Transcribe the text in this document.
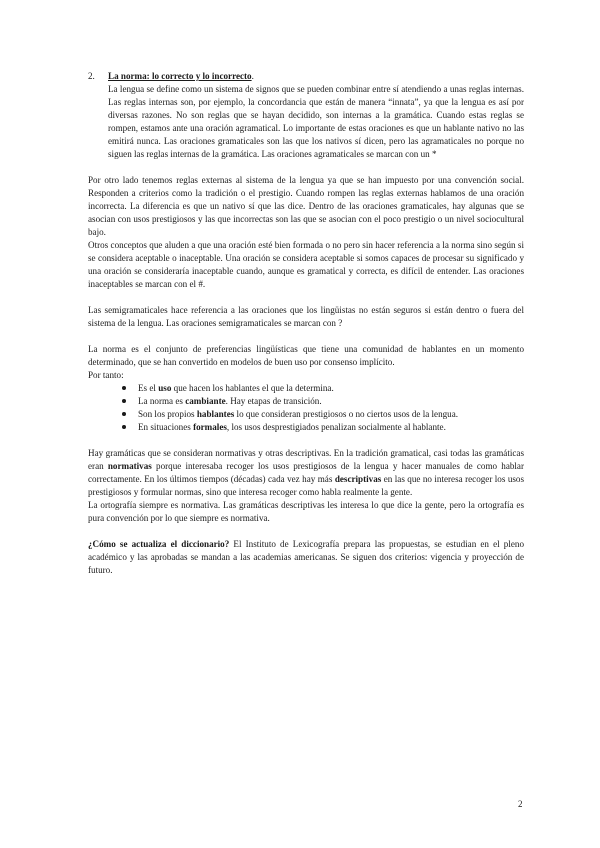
2. La norma: lo correcto y lo incorrecto.

La lengua se define como un sistema de signos que se pueden combinar entre sí atendiendo a unas reglas internas. Las reglas internas son, por ejemplo, la concordancia que están de manera “innata”, ya que la lengua es así por diversas razones. No son reglas que se hayan decidido, son internas a la gramática. Cuando estas reglas se rompen, estamos ante una oración agramatical. Lo importante de estas oraciones es que un hablante nativo no las emitirá nunca. Las oraciones gramaticales son las que los nativos sí dicen, pero las agramaticales no porque no siguen las reglas internas de la gramática. Las oraciones agramaticales se marcan con un *

Por otro lado tenemos reglas externas al sistema de la lengua ya que se han impuesto por una convención social. Responden a criterios como la tradición o el prestigio. Cuando rompen las reglas externas hablamos de una oración incorrecta. La diferencia es que un nativo sí que las dice. Dentro de las oraciones gramaticales, hay algunas que se asocian con usos prestigiosos y las que incorrectas son las que se asocian con el poco prestigio o un nivel sociocultural bajo.

Otros conceptos que aluden a que una oración esté bien formada o no pero sin hacer referencia a la norma sino según si se considera aceptable o inaceptable. Una oración se considera aceptable si somos capaces de procesar su significado y una oración se consideraría inaceptable cuando, aunque es gramatical y correcta, es difícil de entender. Las oraciones inaceptables se marcan con el #.

Las semigramaticales hace referencia a las oraciones que los lingüistas no están seguros si están dentro o fuera del sistema de la lengua. Las oraciones semigramaticales se marcan con ?

La norma es el conjunto de preferencias lingüísticas que tiene una comunidad de hablantes en un momento determinado, que se han convertido en modelos de buen uso por consenso implícito.

Por tanto:

Es el uso que hacen los hablantes el que la determina.
La norma es cambiante. Hay etapas de transición.
Son los propios hablantes lo que consideran prestigiosos o no ciertos usos de la lengua.
En situaciones formales, los usos desprestigiados penalizan socialmente al hablante.

Hay gramáticas que se consideran normativas y otras descriptivas. En la tradición gramatical, casi todas las gramáticas eran normativas porque interesaba recoger los usos prestigiosos de la lengua y hacer manuales de como hablar correctamente. En los últimos tiempos (décadas) cada vez hay más descriptivas en las que no interesa recoger los usos prestigiosos y formular normas, sino que interesa recoger como habla realmente la gente.

La ortografía siempre es normativa. Las gramáticas descriptivas les interesa lo que dice la gente, pero la ortografía es pura convención por lo que siempre es normativa.

¿Cómo se actualiza el diccionario? El Instituto de Lexicografía prepara las propuestas, se estudian en el pleno académico y las aprobadas se mandan a las academias americanas. Se siguen dos criterios: vigencia y proyección de futuro.

2
